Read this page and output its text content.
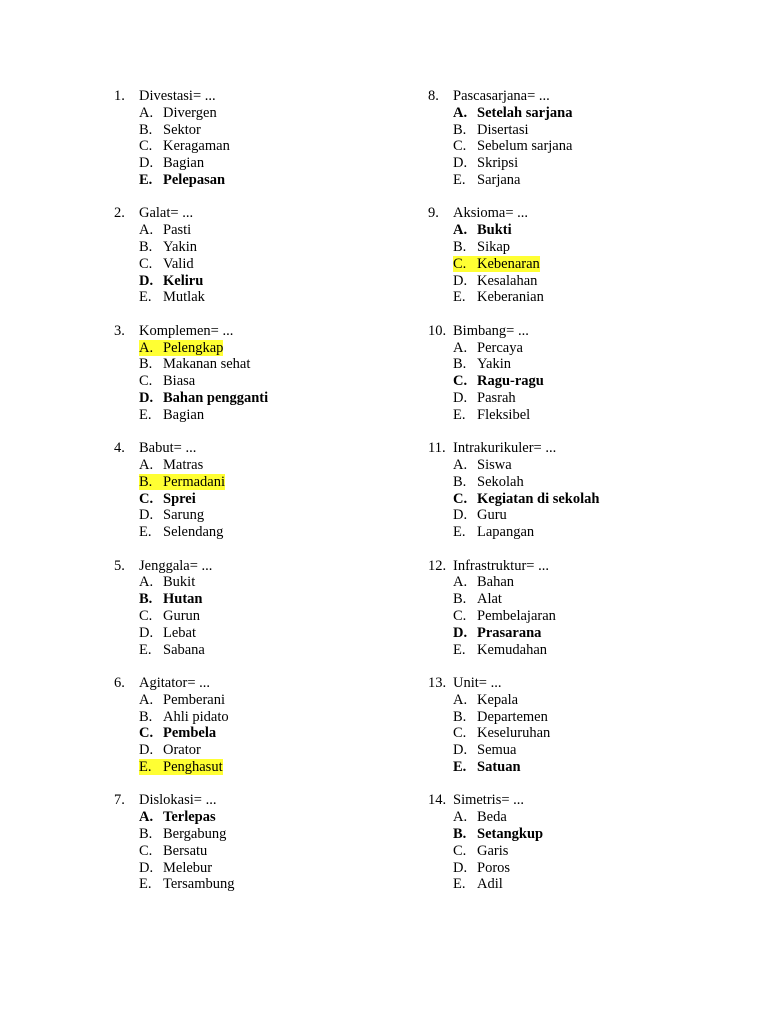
1. Divestasi= ...
A. Divergen
B. Sektor
C. Keragaman
D. Bagian
E. Pelepasan
2. Galat= ...
A. Pasti
B. Yakin
C. Valid
D. Keliru
E. Mutlak
3. Komplemen= ...
A. Pelengkap
B. Makanan sehat
C. Biasa
D. Bahan pengganti
E. Bagian
4. Babut= ...
A. Matras
B. Permadani
C. Sprei
D. Sarung
E. Selendang
5. Jenggala= ...
A. Bukit
B. Hutan
C. Gurun
D. Lebat
E. Sabana
6. Agitator= ...
A. Pemberani
B. Ahli pidato
C. Pembela
D. Orator
E. Penghasut
7. Dislokasi= ...
A. Terlepas
B. Bergabung
C. Bersatu
D. Melebur
E. Tersambung
8. Pascasarjana= ...
A. Setelah sarjana
B. Disertasi
C. Sebelum sarjana
D. Skripsi
E. Sarjana
9. Aksioma= ...
A. Bukti
B. Sikap
C. Kebenaran
D. Kesalahan
E. Keberanian
10. Bimbang= ...
A. Percaya
B. Yakin
C. Ragu-ragu
D. Pasrah
E. Fleksibel
11. Intrakurikuler= ...
A. Siswa
B. Sekolah
C. Kegiatan di sekolah
D. Guru
E. Lapangan
12. Infrastruktur= ...
A. Bahan
B. Alat
C. Pembelajaran
D. Prasarana
E. Kemudahan
13. Unit= ...
A. Kepala
B. Departemen
C. Keseluruhan
D. Semua
E. Satuan
14. Simetris= ...
A. Beda
B. Setangkup
C. Garis
D. Poros
E. Adil
